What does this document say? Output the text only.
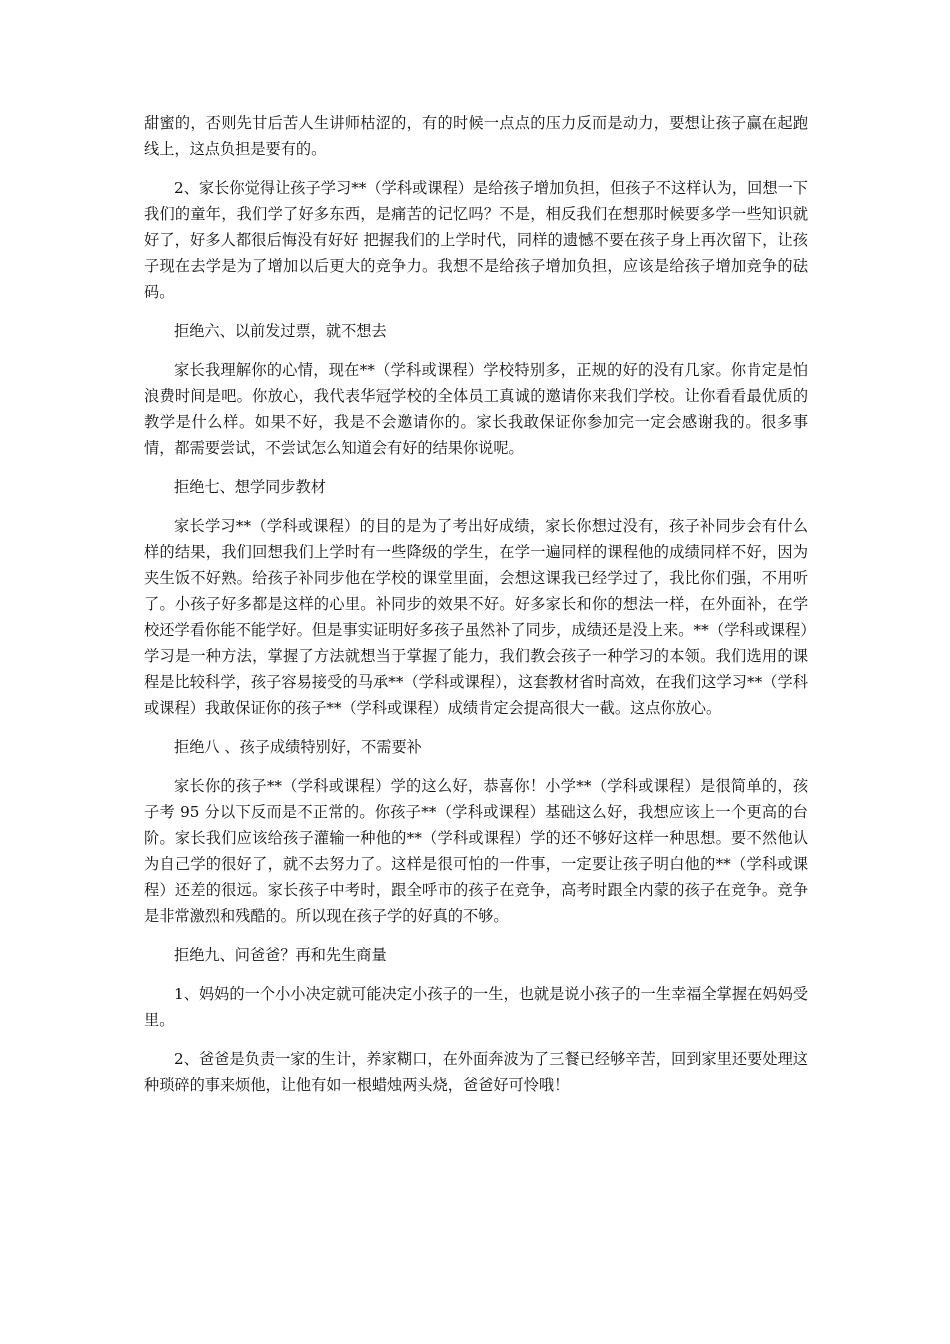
甜蜜的，否则先甘后苦人生讲师枯涩的，有的时候一点点的压力反而是动力，要想让孩子赢在起跑线上，这点负担是要有的。

2、家长你觉得让孩子学习**（学科或课程）是给孩子增加负担，但孩子不这样认为，回想一下我们的童年，我们学了好多东西，是痛苦的记忆吗？不是，相反我们在想那时候要多学一些知识就好了，好多人都很后悔没有好好 把握我们的上学时代，同样的遗憾不要在孩子身上再次留下，让孩子现在去学是为了增加以后更大的竞争力。我想不是给孩子增加负担，应该是给孩子增加竞争的砝码。

拒绝六、以前发过票，就不想去

家长我理解你的心情，现在**（学科或课程）学校特别多，正规的好的没有几家。你肯定是怕浪费时间是吧。你放心，我代表华冠学校的全体员工真诚的邀请你来我们学校。让你看看最优质的教学是什么样。如果不好，我是不会邀请你的。家长我敢保证你参加完一定会感谢我的。很多事情，都需要尝试，不尝试怎么知道会有好的结果你说呢。

拒绝七、想学同步教材

家长学习**（学科或课程）的目的是为了考出好成绩，家长你想过没有，孩子补同步会有什么样的结果，我们回想我们上学时有一些降级的学生，在学一遍同样的课程他的成绩同样不好，因为夹生饭不好熟。给孩子补同步他在学校的课堂里面，会想这课我已经学过了，我比你们强，不用听了。小孩子好多都是这样的心里。补同步的效果不好。好多家长和你的想法一样，在外面补，在学校还学看你能不能学好。但是事实证明好多孩子虽然补了同步，成绩还是没上来。**（学科或课程）学习是一种方法，掌握了方法就想当于掌握了能力，我们教会孩子一种学习的本领。我们选用的课程是比较科学，孩子容易接受的马承**（学科或课程），这套教材省时高效，在我们这学习**（学科或课程）我敢保证你的孩子**（学科或课程）成绩肯定会提高很大一截。这点你放心。

拒绝八 、孩子成绩特别好，不需要补

家长你的孩子**（学科或课程）学的这么好，恭喜你！小学**（学科或课程）是很简单的，孩子考 95 分以下反而是不正常的。你孩子**（学科或课程）基础这么好，我想应该上一个更高的台阶。家长我们应该给孩子灌输一种他的**（学科或课程）学的还不够好这样一种思想。要不然他认为自己学的很好了，就不去努力了。这样是很可怕的一件事，一定要让孩子明白他的**（学科或课程）还差的很远。家长孩子中考时，跟全呼市的孩子在竞争，高考时跟全内蒙的孩子在竞争。竞争是非常激烈和残酷的。所以现在孩子学的好真的不够。

拒绝九、问爸爸？再和先生商量

1、妈妈的一个小小决定就可能决定小孩子的一生，也就是说小孩子的一生幸福全掌握在妈妈受里。

2、爸爸是负责一家的生计，养家糊口，在外面奔波为了三餐已经够辛苦，回到家里还要处理这种琐碎的事来烦他，让他有如一根蜡烛两头烧，爸爸好可怜哦！
